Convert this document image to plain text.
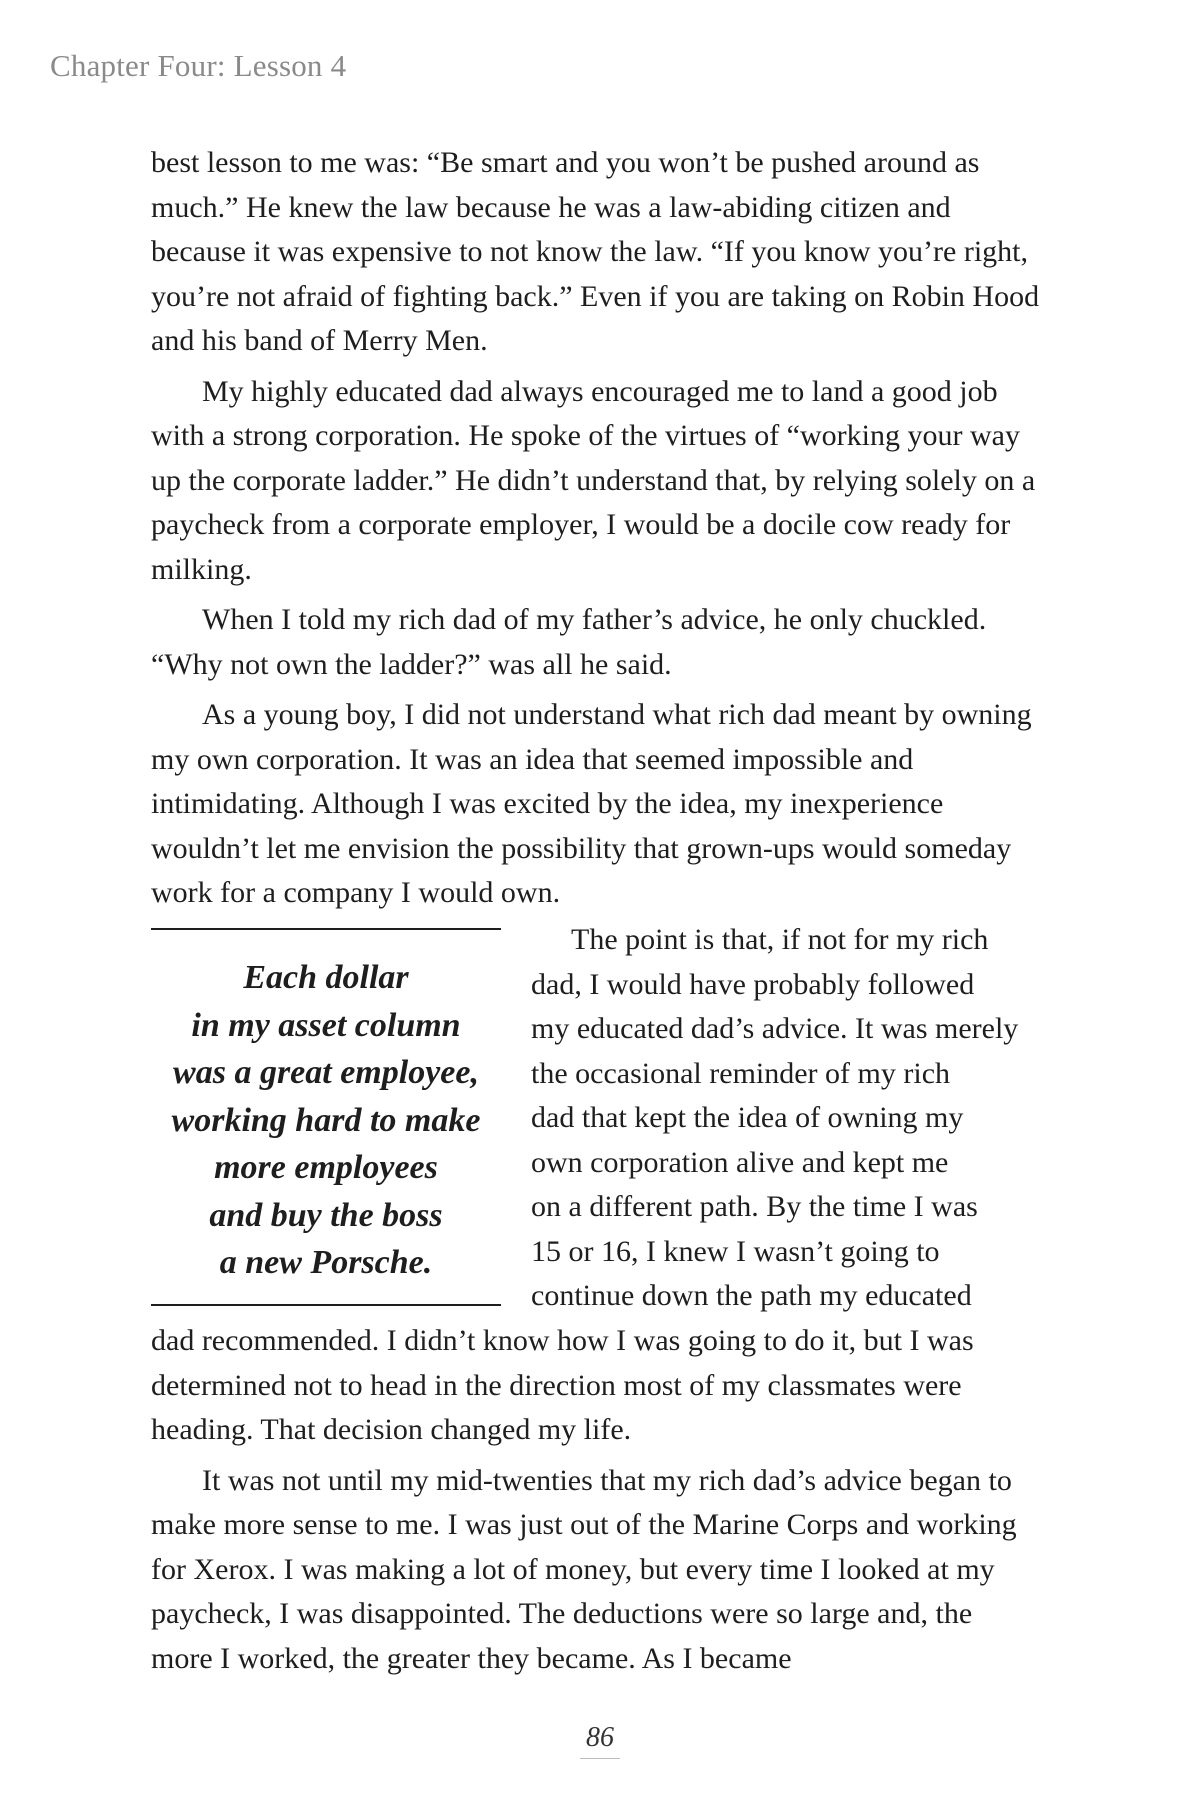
Chapter Four: Lesson 4

best lesson to me was: “Be smart and you won’t be pushed around as much.” He knew the law because he was a law-abiding citizen and because it was expensive to not know the law. “If you know you’re right, you’re not afraid of fighting back.” Even if you are taking on Robin Hood and his band of Merry Men.

My highly educated dad always encouraged me to land a good job with a strong corporation. He spoke of the virtues of “working your way up the corporate ladder.” He didn’t understand that, by relying solely on a paycheck from a corporate employer, I would be a docile cow ready for milking.

When I told my rich dad of my father’s advice, he only chuckled. “Why not own the ladder?” was all he said.

As a young boy, I did not understand what rich dad meant by owning my own corporation. It was an idea that seemed impossible and intimidating. Although I was excited by the idea, my inexperience wouldn’t let me envision the possibility that grown-ups would someday work for a company I would own.

Each dollar
in my asset column
was a great employee,
working hard to make
more employees
and buy the boss
a new Porsche.
The point is that, if not for my rich
dad, I would have probably followed
my educated dad’s advice. It was merely
the occasional reminder of my rich
dad that kept the idea of owning my
own corporation alive and kept me
on a different path. By the time I was
15 or 16, I knew I wasn’t going to
continue down the path my educated

dad recommended. I didn’t know how I was going to do it, but I was determined not to head in the direction most of my classmates were heading. That decision changed my life.

It was not until my mid-twenties that my rich dad’s advice began to make more sense to me. I was just out of the Marine Corps and working for Xerox. I was making a lot of money, but every time I looked at my paycheck, I was disappointed. The deductions were so large and, the more I worked, the greater they became. As I became

86
